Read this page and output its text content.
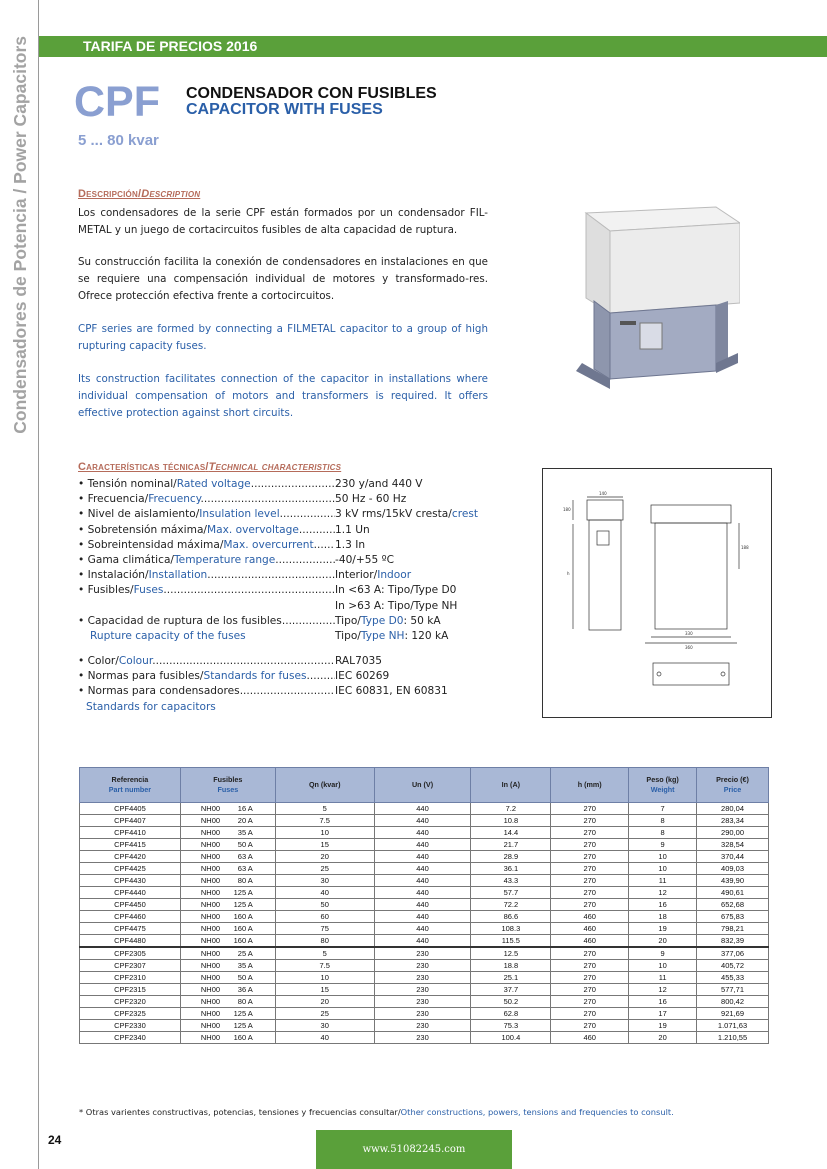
Condensadores de Potencia / Power Capacitors	TARIFA DE PRECIOS 2016
CPF CONDENSADOR CON FUSIBLES
CAPACITOR WITH FUSES
5 ... 80 kvar
Descripción/Description
Los condensadores de la serie CPF están formados por un condensador FIL-METAL y un juego de cortacircuitos fusibles de alta capacidad de ruptura.
Su construcción facilita la conexión de condensadores en instalaciones en que se requiere una compensación individual de motores y transformado-res. Ofrece protección efectiva frente a cortocircuitos.
CPF series are formed by connecting a FILMETAL capacitor to a group of high rupturing capacity fuses.
Its construction facilitates connection of the capacitor in installations where individual compensation of motors and transformers is required. It offers effective protection against short circuits.
Características técnicas/Technical characteristics
• Tensión nominal/Rated voltage .....	230 y/and 440 V
• Frecuencia/Frecuency .....	50 Hz - 60 Hz
• Nivel de aislamiento/Insulation level .....	3 kV rms/15kV cresta/crest
• Sobretensión máxima/Max. overvoltage .....	1.1 Un
• Sobreintensidad máxima/Max. overcurrent .....	1.3 In
• Gama climática/Temperature range .....	-40/+55 ºC
• Instalación/Installation .....	Interior/Indoor
• Fusibles/Fuses .....	In <63 A: Tipo/Type D0
In >63 A: Tipo/Type NH
• Capacidad de ruptura de los fusibles .....	Tipo/Type D0: 50 kA
Rupture capacity of the fuses	Tipo/Type NH: 120 kA
• Color/Colour .....	RAL7035
• Normas para fusibles/Standards for fuses .....	IEC 60269
• Normas para condensadores .....	IEC 60831, EN 60831
Standards for capacitors
140
180
h
188
330
360
Referencia
Part number	Fusibles
Fuses	Qn (kvar)	Un (V)	In (A)	h (mm)	Peso (kg)
Weight	Precio (€)
Price
CPF4405	NH00 16 A	5	440	7.2	270	7	280,04
CPF4407	NH00 20 A	7.5	440	10.8	270	8	283,34
CPF4410	NH00 35 A	10	440	14.4	270	8	290,00
CPF4415	NH00 50 A	15	440	21.7	270	9	328,54
CPF4420	NH00 63 A	20	440	28.9	270	10	370,44
CPF4425	NH00 63 A	25	440	36.1	270	10	409,03
CPF4430	NH00 80 A	30	440	43.3	270	11	439,90
CPF4440	NH00 125 A	40	440	57.7	270	12	490,61
CPF4450	NH00 125 A	50	440	72.2	270	16	652,68
CPF4460	NH00 160 A	60	440	86.6	460	18	675,83
CPF4475	NH00 160 A	75	440	108.3	460	19	798,21
CPF4480	NH00 160 A	80	440	115.5	460	20	832,39
CPF2305	NH00 25 A	5	230	12.5	270	9	377,06
CPF2307	NH00 35 A	7.5	230	18.8	270	10	405,72
CPF2310	NH00 50 A	10	230	25.1	270	11	455,33
CPF2315	NH00 36 A	15	230	37.7	270	12	577,71
CPF2320	NH00 80 A	20	230	50.2	270	16	800,42
CPF2325	NH00 125 A	25	230	62.8	270	17	921,69
CPF2330	NH00 125 A	30	230	75.3	270	19	1.071,63
CPF2340	NH00 160 A	40	230	100.4	460	20	1.210,55
* Otras varientes constructivas, potencias, tensiones y frecuencias consultar/Other constructions, powers, tensions and frequencies to consult.
24
www.51082245.com
